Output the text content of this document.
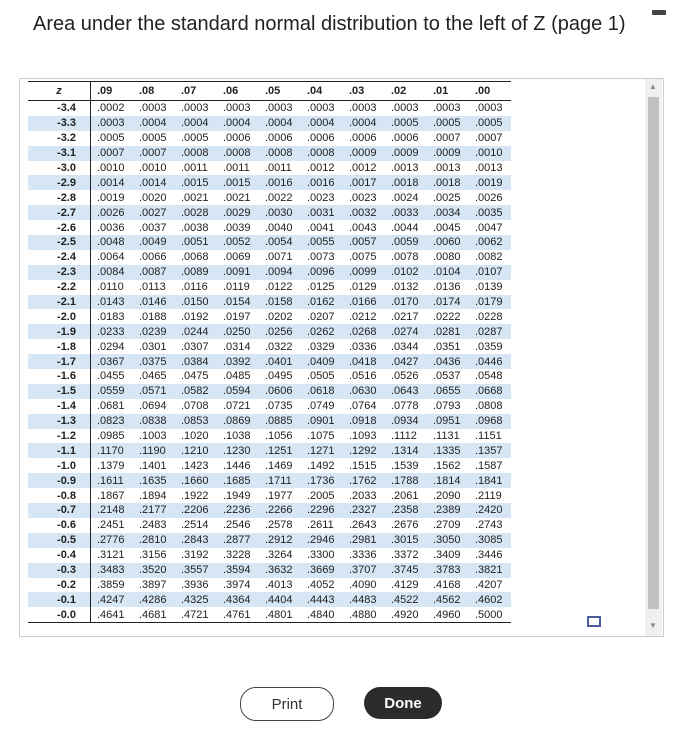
Area under the standard normal distribution to the left of Z (page 1)
z	.09	.08	.07	.06	.05	.04	.03	.02	.01	.00
-3.4	.0002	.0003	.0003	.0003	.0003	.0003	.0003	.0003	.0003	.0003
-3.3	.0003	.0004	.0004	.0004	.0004	.0004	.0004	.0005	.0005	.0005
-3.2	.0005	.0005	.0005	.0006	.0006	.0006	.0006	.0006	.0007	.0007
-3.1	.0007	.0007	.0008	.0008	.0008	.0008	.0009	.0009	.0009	.0010
-3.0	.0010	.0010	.0011	.0011	.0011	.0012	.0012	.0013	.0013	.0013
-2.9	.0014	.0014	.0015	.0015	.0016	.0016	.0017	.0018	.0018	.0019
-2.8	.0019	.0020	.0021	.0021	.0022	.0023	.0023	.0024	.0025	.0026
-2.7	.0026	.0027	.0028	.0029	.0030	.0031	.0032	.0033	.0034	.0035
-2.6	.0036	.0037	.0038	.0039	.0040	.0041	.0043	.0044	.0045	.0047
-2.5	.0048	.0049	.0051	.0052	.0054	.0055	.0057	.0059	.0060	.0062
-2.4	.0064	.0066	.0068	.0069	.0071	.0073	.0075	.0078	.0080	.0082
-2.3	.0084	.0087	.0089	.0091	.0094	.0096	.0099	.0102	.0104	.0107
-2.2	.0110	.0113	.0116	.0119	.0122	.0125	.0129	.0132	.0136	.0139
-2.1	.0143	.0146	.0150	.0154	.0158	.0162	.0166	.0170	.0174	.0179
-2.0	.0183	.0188	.0192	.0197	.0202	.0207	.0212	.0217	.0222	.0228
-1.9	.0233	.0239	.0244	.0250	.0256	.0262	.0268	.0274	.0281	.0287
-1.8	.0294	.0301	.0307	.0314	.0322	.0329	.0336	.0344	.0351	.0359
-1.7	.0367	.0375	.0384	.0392	.0401	.0409	.0418	.0427	.0436	.0446
-1.6	.0455	.0465	.0475	.0485	.0495	.0505	.0516	.0526	.0537	.0548
-1.5	.0559	.0571	.0582	.0594	.0606	.0618	.0630	.0643	.0655	.0668
-1.4	.0681	.0694	.0708	.0721	.0735	.0749	.0764	.0778	.0793	.0808
-1.3	.0823	.0838	.0853	.0869	.0885	.0901	.0918	.0934	.0951	.0968
-1.2	.0985	.1003	.1020	.1038	.1056	.1075	.1093	.1112	.1131	.1151
-1.1	.1170	.1190	.1210	.1230	.1251	.1271	.1292	.1314	.1335	.1357
-1.0	.1379	.1401	.1423	.1446	.1469	.1492	.1515	.1539	.1562	.1587
-0.9	.1611	.1635	.1660	.1685	.1711	.1736	.1762	.1788	.1814	.1841
-0.8	.1867	.1894	.1922	.1949	.1977	.2005	.2033	.2061	.2090	.2119
-0.7	.2148	.2177	.2206	.2236	.2266	.2296	.2327	.2358	.2389	.2420
-0.6	.2451	.2483	.2514	.2546	.2578	.2611	.2643	.2676	.2709	.2743
-0.5	.2776	.2810	.2843	.2877	.2912	.2946	.2981	.3015	.3050	.3085
-0.4	.3121	.3156	.3192	.3228	.3264	.3300	.3336	.3372	.3409	.3446
-0.3	.3483	.3520	.3557	.3594	.3632	.3669	.3707	.3745	.3783	.3821
-0.2	.3859	.3897	.3936	.3974	.4013	.4052	.4090	.4129	.4168	.4207
-0.1	.4247	.4286	.4325	.4364	.4404	.4443	.4483	.4522	.4562	.4602
-0.0	.4641	.4681	.4721	.4761	.4801	.4840	.4880	.4920	.4960	.5000
▲
▼
Print	Done
